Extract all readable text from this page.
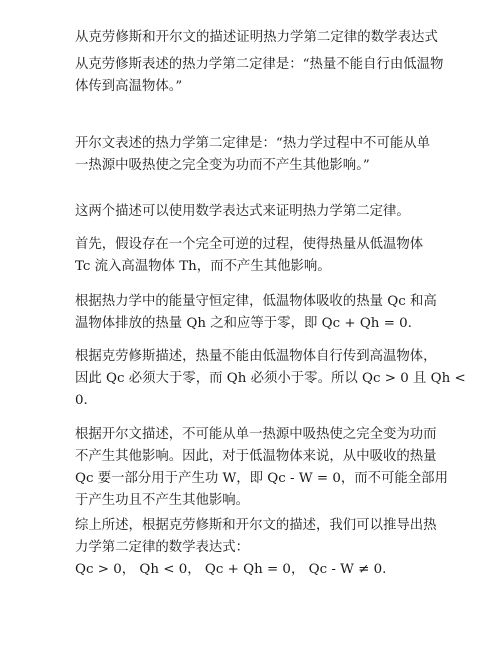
从克劳修斯和开尔文的描述证明热力学第二定律的数学表达式

从克劳修斯表述的热力学第二定律是：“热量不能自行由低温物
体传到高温物体。”

开尔文表述的热力学第二定律是：“热力学过程中不可能从单
一热源中吸热使之完全变为功而不产生其他影响。”

这两个描述可以使用数学表达式来证明热力学第二定律。

首先，假设存在一个完全可逆的过程，使得热量从低温物体
Tc 流入高温物体 Th，而不产生其他影响。

根据热力学中的能量守恒定律，低温物体吸收的热量 Qc 和高
温物体排放的热量 Qh 之和应等于零，即 Qc + Qh = 0.

根据克劳修斯描述，热量不能由低温物体自行传到高温物体，
因此 Qc 必须大于零，而 Qh 必须小于零。所以 Qc > 0 且 Qh <
0.

根据开尔文描述，不可能从单一热源中吸热使之完全变为功而
不产生其他影响。因此，对于低温物体来说，从中吸收的热量
Qc 要一部分用于产生功 W，即 Qc - W = 0，而不可能全部用
于产生功且不产生其他影响。

综上所述，根据克劳修斯和开尔文的描述，我们可以推导出热
力学第二定律的数学表达式：
Qc > 0， Qh < 0， Qc + Qh = 0， Qc - W ≠ 0.
